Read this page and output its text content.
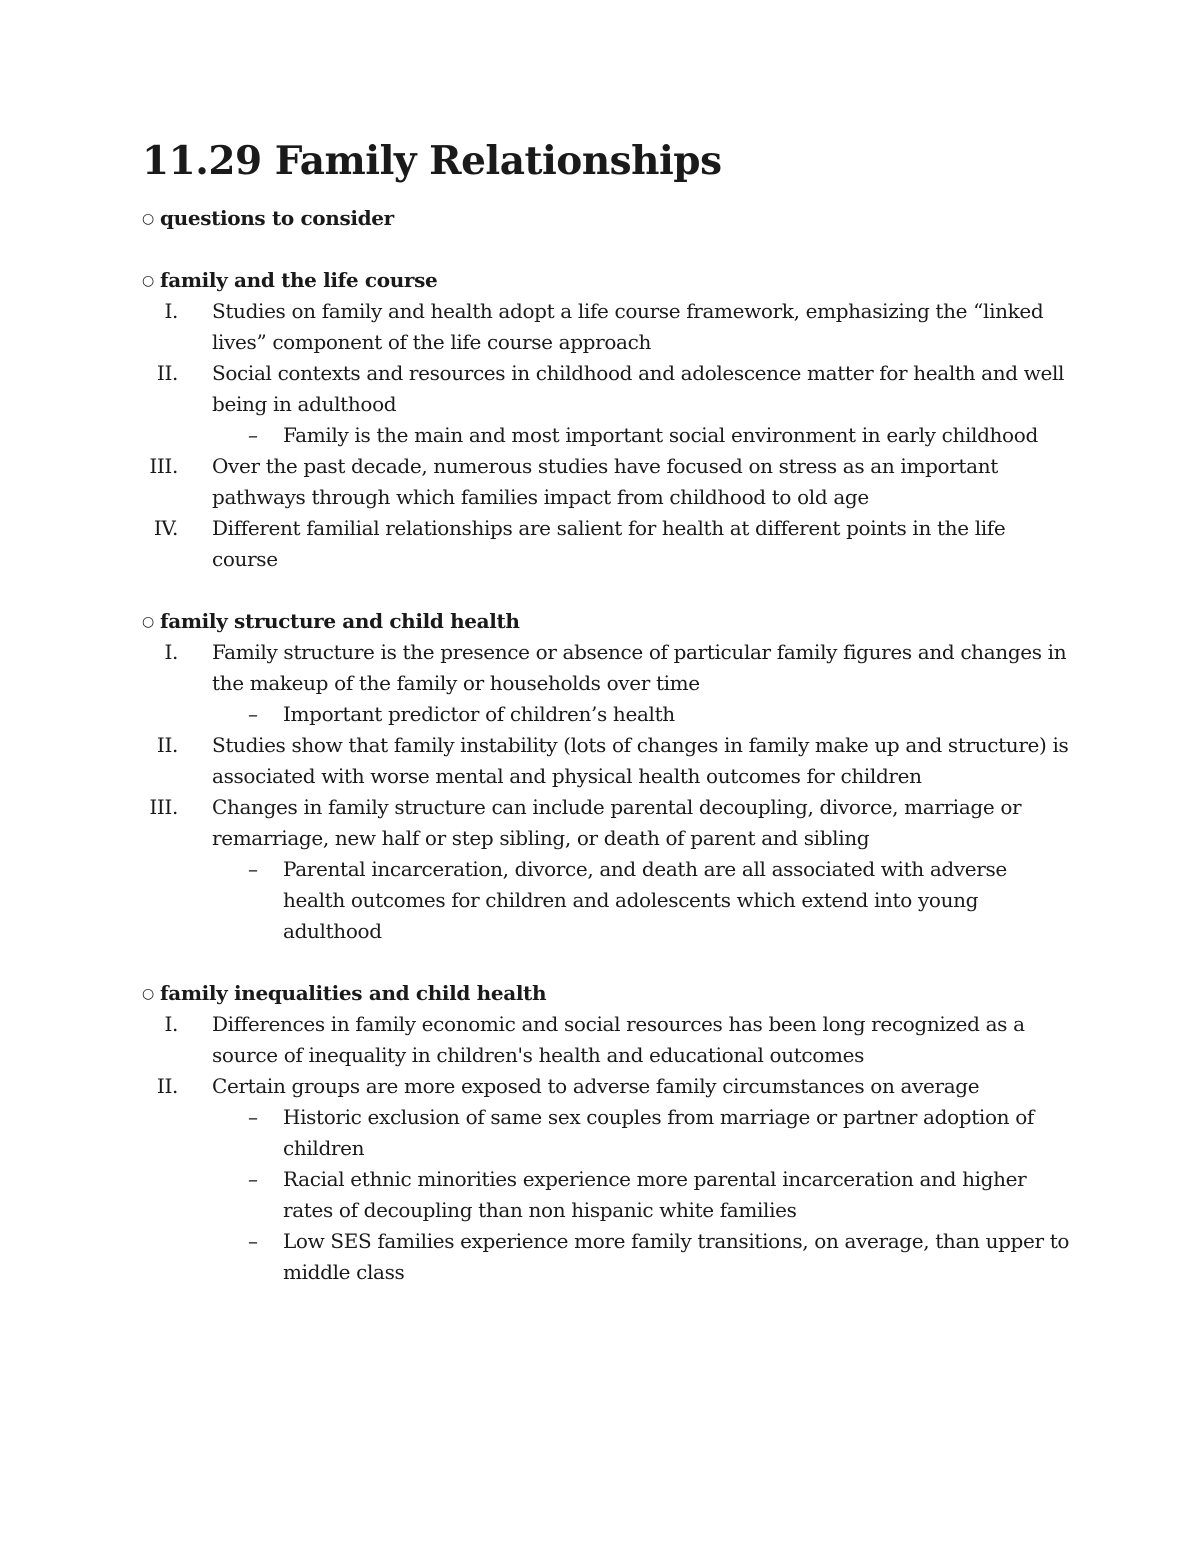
11.29 Family Relationships
○ questions to consider
○ family and the life course
I. Studies on family and health adopt a life course framework, emphasizing the “linked lives” component of the life course approach
II. Social contexts and resources in childhood and adolescence matter for health and well being in adulthood
– Family is the main and most important social environment in early childhood
III. Over the past decade, numerous studies have focused on stress as an important pathways through which families impact from childhood to old age
IV. Different familial relationships are salient for health at different points in the life course
○ family structure and child health
I. Family structure is the presence or absence of particular family figures and changes in the makeup of the family or households over time
– Important predictor of children’s health
II. Studies show that family instability (lots of changes in family make up and structure) is associated with worse mental and physical health outcomes for children
III. Changes in family structure can include parental decoupling, divorce, marriage or remarriage, new half or step sibling, or death of parent and sibling
– Parental incarceration, divorce, and death are all associated with adverse health outcomes for children and adolescents which extend into young adulthood
○ family inequalities and child health
I. Differences in family economic and social resources has been long recognized as a source of inequality in children's health and educational outcomes
II. Certain groups are more exposed to adverse family circumstances on average
– Historic exclusion of same sex couples from marriage or partner adoption of children
– Racial ethnic minorities experience more parental incarceration and higher rates of decoupling than non hispanic white families
– Low SES families experience more family transitions, on average, than upper to middle class
